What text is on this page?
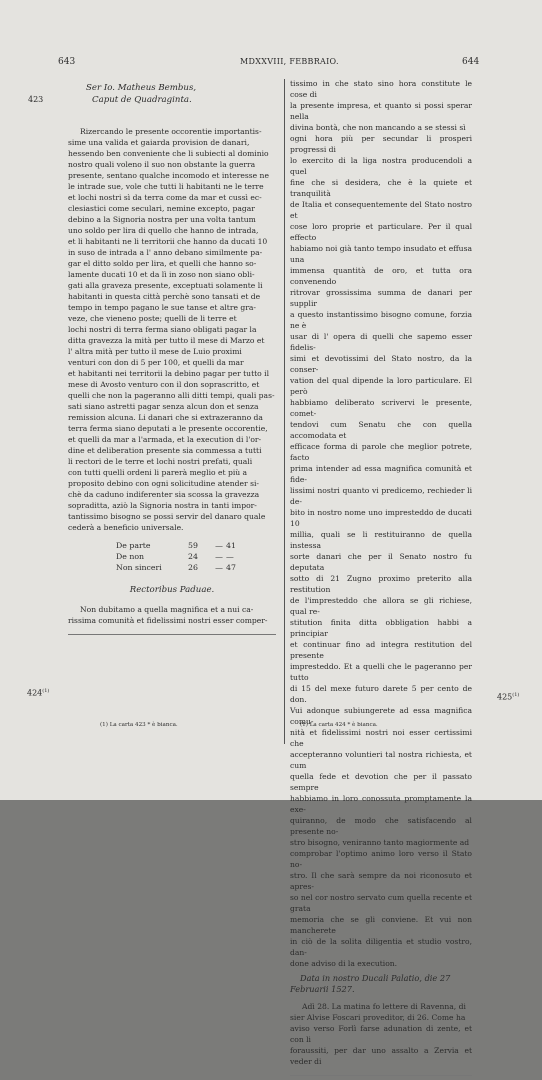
643	MDXXVIII, FEBBRAIO.	644
423
424$^{(1)}$
425$^{(1)}$
Ser Io. Matheus Bembus,
Caput de Quadraginta.

Rizercando le presente occorentie importantis-

sime una valida et gaiarda provision de danari,

hessendo ben conveniente che li subiecti al dominio

nostro quali voleno il suo non obstante la guerra

presente, sentano qualche incomodo et interesse ne

le intrade sue, vole che tutti li habitanti ne le terre

et lochi nostri sì da terra come da mar et cussì ec-

clesiastici come seculari, nemine excepto, pagar

debino a la Signoria nostra per una volta tantum

uno soldo per lira di quello che hanno de intrada,

et li habitanti ne li territorii che hanno da ducati 10

in suso de intrada a l' anno debano similmente pa-

gar el ditto soldo per lira, et quelli che hanno so-

lamente ducati 10 et da lì in zoso non siano obli-

gati alla graveza presente, exceptuati solamente li

habitanti in questa città perchè sono tansati et de

tempo in tempo pagano le sue tanse et altre gra-

veze, che vieneno poste; quelli de li terre et

lochi nostri di terra ferma siano obligati pagar la

ditta gravezza la mità per tutto il mese di Marzo et

l' altra mità per tutto il mese de Luio proximi

venturi con don di 5 per 100, et quelli da mar

et habitanti nei territorii la debino pagar per tutto il

mese di Avosto venturo con il don soprascritto, et

quelli che non la pageranno alli ditti tempi, quali pas-

sati siano astretti pagar senza alcun don et senza

remission alcuna. Li danari che si extrazeranno da

terra ferma siano deputati a le presente occorentie,

et quelli da mar a l'armada, et la execution di l'or-

dine et deliberation presente sia commessa a tutti

li rectori de le terre et lochi nostri prefati, quali

con tutti quelli ordeni li parerà meglio et più a

proposito debino con ogni solicitudine atender si-

chè da caduno indiferenter sia scossa la gravezza

sopraditta, aziò la Signoria nostra in tanti impor-

tantissimo bisogno se possi servir del danaro quale

cederà a beneficio universale.

De parte	59	— 41
De non	24	— —
Non sinceri	26	— 47
Rectoribus Paduae.

Non dubitamo a quella magnifica et a nui ca-

rissima comunità et fidelissimi nostri esser comper-

tissimo in che stato sino hora constitute le cose di

la presente impresa, et quanto si possi sperar nella

divina bontà, che non mancando a se stessi sì

ogni hora più per secundar li prosperi progressi di

lo exercito di la liga nostra producendoli a quel

fine che si desidera, che è la quiete et tranquilità

de Italia et consequentemente del Stato nostro et

cose loro proprie et particulare. Per il qual effecto

habiamo noi già tanto tempo insudato et effusa una

immensa quantità de oro, et tutta ora convenendo

ritrovar grossissima summa de danari per supplir

a questo instantissimo bisogno comune, forzia ne è

usar di l' opera di quelli che sapemo esser fidelis-

simi et devotissimi del Stato nostro, da la conser-

vation del qual dipende la loro particulare. El però

habbiamo deliberato scrivervi le presente, comet-

tendovi cum Senatu che con quella accomodata et

efficace forma di parole che meglior potrete, facto

prima intender ad essa magnifica comunità et fide-

lissimi nostri quanto vi predicemo, rechieder li de-

bito in nostro nome uno impresteddo de ducati 10

millia, quali se li restituiranno de quella instessa

sorte danari che per il Senato nostro fu deputata

sotto di 21 Zugno proximo preterito alla restitution

de l'impresteddo che allora se gli richiese, qual re-

stitution finita ditta obbligation habbi a principiar

et continuar fino ad integra restitution del presente

impresteddo. Et a quelli che le pageranno per tutto

di 15 del mexe futuro darete 5 per cento de don.

Vui adonque subiungerete ad essa magnifica comu-

nità et fidelissimi nostri noi esser certissimi che

accepteranno voluntieri tal nostra richiesta, et cum

quella fede et devotion che per il passato sempre

habbiamo in loro conossuta promptamente la exe-

quiranno, de modo che satisfacendo al presente no-

stro bisogno, veniranno tanto magiormente ad

comprobar l'optimo animo loro verso il Stato no-

stro. Il che sarà sempre da noi riconosuto et apres-

so nel cor nostro servato cum quella recente et grata

memoria che se gli conviene. Et vui non mancherete

in ciò de la solita diligentia et studio vostro, dan-

done adviso di la execution.

Data in nostro Ducali Palatio, die 27
Februarii 1527.

Adì 28. La matina fo lettere di Ravenna, di

sier Alvise Foscari proveditor, di 26. Come ha

aviso verso Forlì farse adunation di zente, et con li

foraussiti, per dar uno assalto a Zervia et veder di

(1) La carta 423 * è bianca.	(1) La carta 424 * è bianca.
